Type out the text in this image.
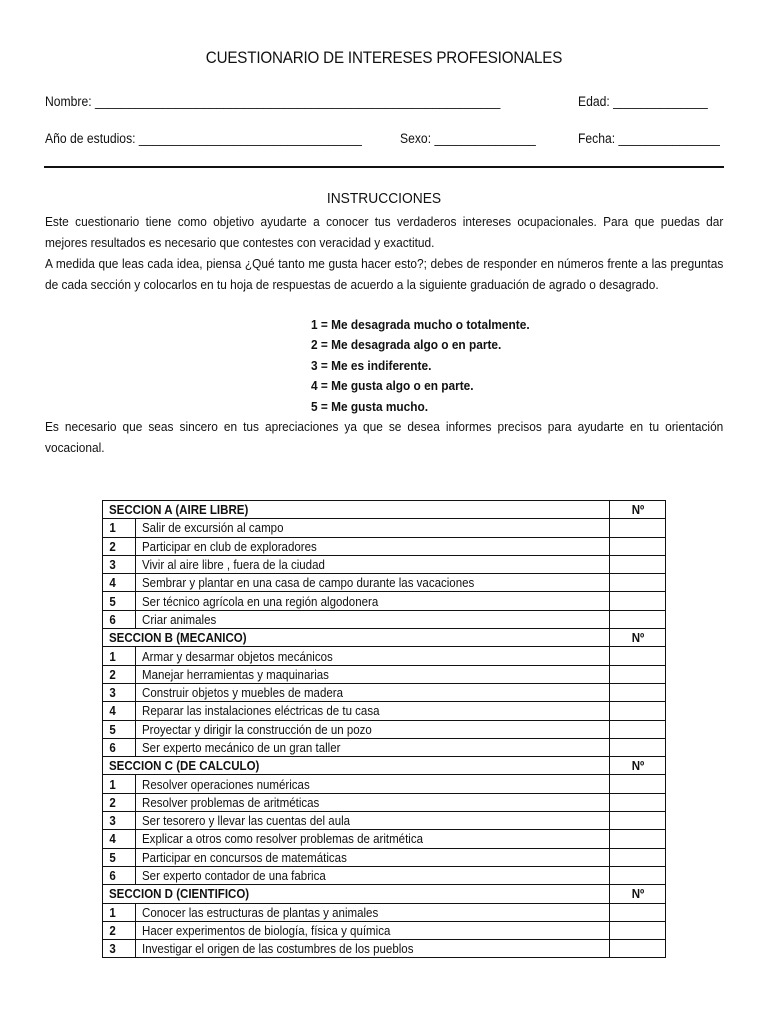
CUESTIONARIO DE INTERESES PROFESIONALES
Nombre: ____________________________________________________________	Edad: ______________
Año de estudios: _________________________________	Sexo: _______________	Fecha: _______________
INSTRUCCIONES

Este cuestionario tiene como objetivo ayudarte a conocer tus verdaderos intereses ocupacionales. Para que puedas dar mejores resultados es necesario que contestes con veracidad y exactitud.

A medida que leas cada idea, piensa ¿Qué tanto me gusta hacer esto?; debes de responder en números frente a las preguntas de cada sección y colocarlos en tu hoja de respuestas de acuerdo a la siguiente graduación de agrado o desagrado.

1 = Me desagrada mucho o totalmente.
2 = Me desagrada algo o en parte.
3 = Me es indiferente.
4 = Me gusta algo o en parte.
5 = Me gusta mucho.

Es necesario que seas sincero en tus apreciaciones ya que se desea informes precisos para ayudarte en tu orientación vocacional.

SECCION A (AIRE LIBRE)		Nº
1	Salir de excursión al campo	
2	Participar en club de exploradores	
3	Vivir al aire libre , fuera de la ciudad	
4	Sembrar y plantar en una casa de campo durante las vacaciones	
5	Ser técnico agrícola en una región algodonera	
6	Criar animales	
SECCION B (MECANICO)		Nº
1	Armar y desarmar objetos mecánicos	
2	Manejar herramientas y maquinarias	
3	Construir objetos y muebles de madera	
4	Reparar las instalaciones eléctricas de tu casa	
5	Proyectar y dirigir la construcción de un pozo	
6	Ser experto mecánico de un gran taller	
SECCION C (DE CALCULO)		Nº
1	Resolver operaciones numéricas	
2	Resolver problemas de aritméticas	
3	Ser tesorero y llevar las cuentas del aula	
4	Explicar a otros como resolver problemas de aritmética	
5	Participar en concursos de matemáticas	
6	Ser experto contador de una fabrica	
SECCION D (CIENTIFICO)		Nº
1	Conocer las estructuras de plantas y animales	
2	Hacer experimentos de biología, física y química	
3	Investigar el origen de las costumbres de los pueblos	
